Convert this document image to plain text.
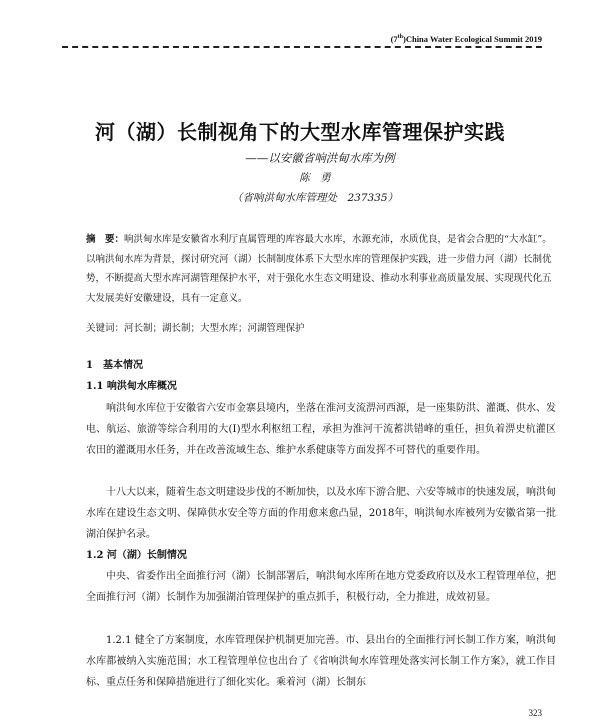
(7th)China Water Ecological Summit 2019
河（湖）长制视角下的大型水库管理保护实践
——以安徽省响洪甸水库为例
陈　勇
（省响洪甸水库管理处　237335）
摘　要：响洪甸水库是安徽省水利厅直属管理的库容最大水库，水源充沛，水质优良，是省会合肥的“大水缸”。以响洪甸水库为背景，探讨研究河（湖）长制制度体系下大型水库的管理保护实践，进一步借力河（湖）长制优势，不断提高大型水库河湖管理保护水平，对于强化水生态文明建设、推动水利事业高质量发展、实现现代化五大发展美好安徽建设，具有一定意义。
关键词：河长制；湖长制；大型水库；河湖管理保护
1　基本情况
1.1 响洪甸水库概况

响洪甸水库位于安徽省六安市金寨县境内，坐落在淮河支流淠河西源，是一座集防洪、灌溉、供水、发电、航运、旅游等综合利用的大(Ⅰ)型水利枢纽工程，承担为淮河干流蓄洪错峰的重任，担负着淠史杭灌区农田的灌溉用水任务，并在改善流域生态、维护水系健康等方面发挥不可替代的重要作用。

十八大以来，随着生态文明建设步伐的不断加快，以及水库下游合肥、六安等城市的快速发展，响洪甸水库在建设生态文明、保障供水安全等方面的作用愈来愈凸显，2018年，响洪甸水库被列为安徽省第一批湖泊保护名录。

1.2 河（湖）长制情况

中央、省委作出全面推行河（湖）长制部署后，响洪甸水库所在地方党委政府以及水工程管理单位，把全面推行河（湖）长制作为加强湖泊管理保护的重点抓手，积极行动，全力推进，成效初显。

1.2.1 健全了方案制度，水库管理保护机制更加完善。市、县出台的全面推行河长制工作方案，响洪甸水库都被纳入实施范围；水工程管理单位也出台了《省响洪甸水库管理处落实河长制工作方案》，就工作目标、重点任务和保障措施进行了细化实化。乘着河（湖）长制东

323
